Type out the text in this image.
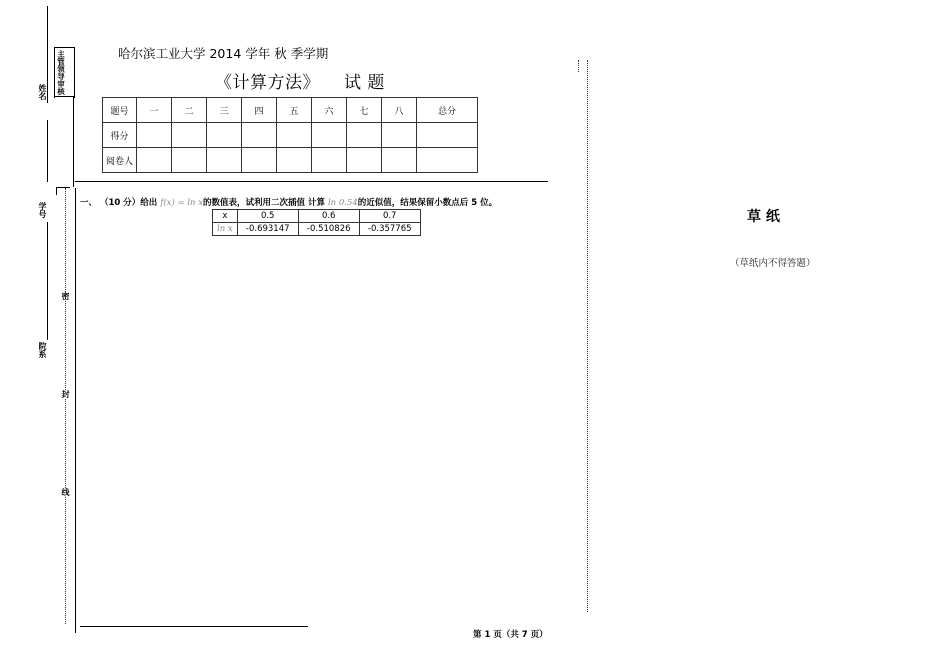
姓名
学号
院系
主管领导审核
密
封
线
哈尔滨工业大学 2014 学年 秋 季学期
《计算方法》 试 题
题号	一	二	三	四	五	六	七	八	总分
得分									
阅卷人									
一、 （10 分）给出 f(x) = ln x的数值表，试利用二次插值 计算 ln 0.54的近似值，结果保留小数点后 5 位。
x	0.5	0.6	0.7
ln x	-0.693147	-0.510826	-0.357765
草 纸
（草纸内不得答题）
第 1 页（共 7 页）
